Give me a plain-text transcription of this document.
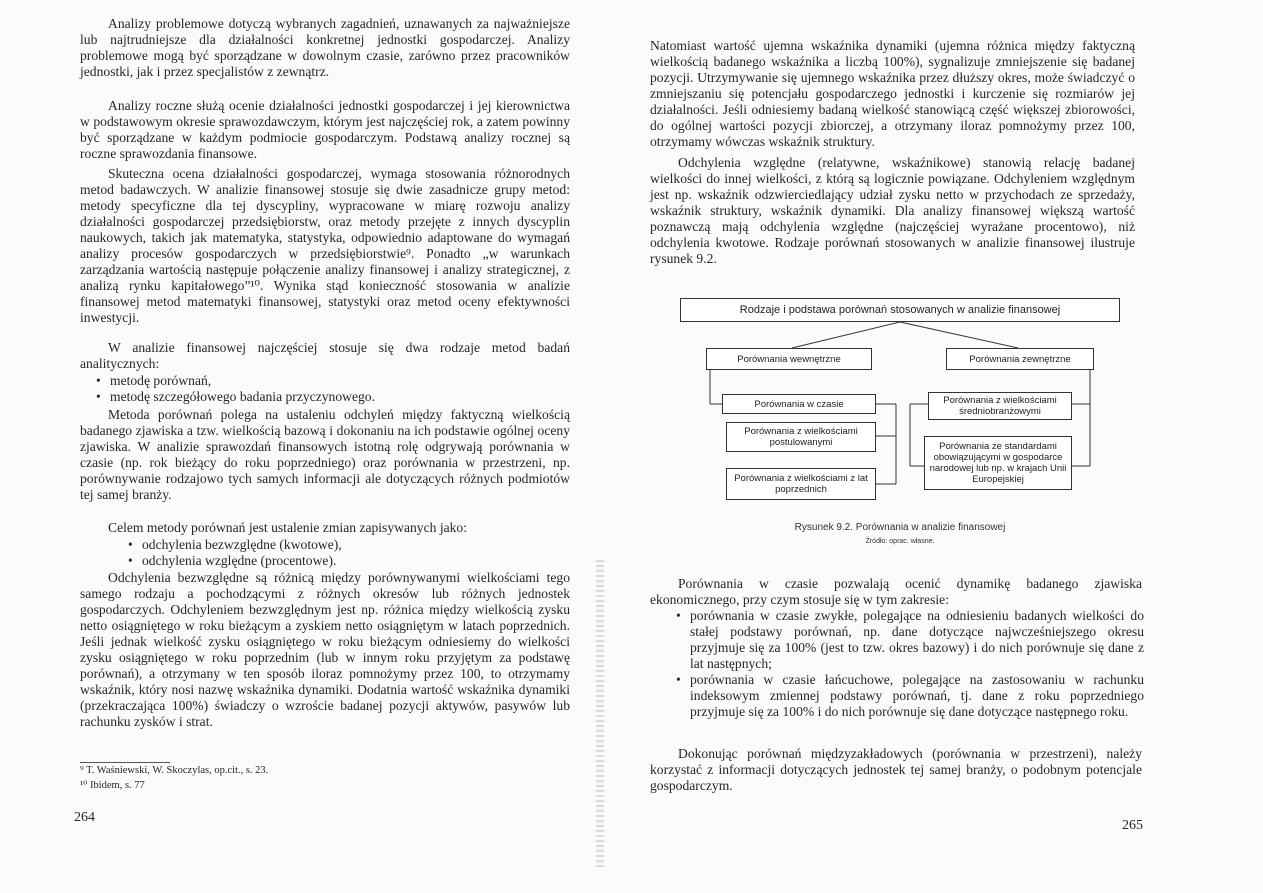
Analizy problemowe dotyczą wybranych zagadnień, uznawanych za najważniejsze lub najtrudniejsze dla działalności konkretnej jednostki gospodarczej. Analizy problemowe mogą być sporządzane w dowolnym czasie, zarówno przez pracowników jednostki, jak i przez specjalistów z zewnątrz.

Analizy roczne służą ocenie działalności jednostki gospodarczej i jej kierownictwa w podstawowym okresie sprawozdawczym, którym jest najczęściej rok, a zatem powinny być sporządzane w każdym podmiocie gospodarczym. Podstawą analizy rocznej są roczne sprawozdania finansowe.

Skuteczna ocena działalności gospodarczej, wymaga stosowania różnorodnych metod badawczych. W analizie finansowej stosuje się dwie zasadnicze grupy metod: metody specyficzne dla tej dyscypliny, wypracowane w miarę rozwoju analizy działalności gospodarczej przedsiębiorstw, oraz metody przejęte z innych dyscyplin naukowych, takich jak matematyka, statystyka, odpowiednio adaptowane do wymagań analizy procesów gospodarczych w przedsiębiorstwie⁹. Ponadto „w warunkach zarządzania wartością następuje połączenie analizy finansowej i analizy strategicznej, z analizą rynku kapitałowego”¹⁰. Wynika stąd konieczność stosowania w analizie finansowej metod matematyki finansowej, statystyki oraz metod oceny efektywności inwestycji.

W analizie finansowej najczęściej stosuje się dwa rodzaje metod badań analitycznych:

• metodę porównań,
• metodę szczegółowego badania przyczynowego.

Metoda porównań polega na ustaleniu odchyleń między faktyczną wielkością badanego zjawiska a tzw. wielkością bazową i dokonaniu na ich podstawie ogólnej oceny zjawiska. W analizie sprawozdań finansowych istotną rolę odgrywają porównania w czasie (np. rok bieżący do roku poprzedniego) oraz porównania w przestrzeni, np. porównywanie rodzajowo tych samych informacji ale dotyczących różnych podmiotów tej samej branży.

Celem metody porównań jest ustalenie zmian zapisywanych jako:

• odchylenia bezwzględne (kwotowe),
• odchylenia względne (procentowe).

Odchylenia bezwzględne są różnicą między porównywanymi wielkościami tego samego rodzaju a pochodzącymi z różnych okresów lub różnych jednostek gospodarczych. Odchyleniem bezwzględnym jest np. różnica między wielkością zysku netto osiągniętego w roku bieżącym a zyskiem netto osiągniętym w latach poprzednich. Jeśli jednak wielkość zysku osiągniętego w roku bieżącym odniesiemy do wielkości zysku osiągniętego w roku poprzednim (lub w innym roku przyjętym za podstawę porównań), a otrzymany w ten sposób iloraz pomnożymy przez 100, to otrzymamy wskaźnik, który nosi nazwę wskaźnika dynamiki. Dodatnia wartość wskaźnika dynamiki (przekraczająca 100%) świadczy o wzroście badanej pozycji aktywów, pasywów lub rachunku zysków i strat.

⁹ T. Waśniewski, W. Skoczylas, op.cit., s. 23.

¹⁰ Ibidem, s. 77

264

Natomiast wartość ujemna wskaźnika dynamiki (ujemna różnica między faktyczną wielkością badanego wskaźnika a liczbą 100%), sygnalizuje zmniejszenie się badanej pozycji. Utrzymywanie się ujemnego wskaźnika przez dłuższy okres, może świadczyć o zmniejszaniu się potencjału gospodarczego jednostki i kurczenie się rozmiarów jej działalności. Jeśli odniesiemy badaną wielkość stanowiącą część większej zbiorowości, do ogólnej wartości pozycji zbiorczej, a otrzymany iloraz pomnożymy przez 100, otrzymamy wówczas wskaźnik struktury.

Odchylenia względne (relatywne, wskaźnikowe) stanowią relację badanej wielkości do innej wielkości, z którą są logicznie powiązane. Odchyleniem względnym jest np. wskaźnik odzwierciedlający udział zysku netto w przychodach ze sprzedaży, wskaźnik struktury, wskaźnik dynamiki. Dla analizy finansowej większą wartość poznawczą mają odchylenia względne (najczęściej wyrażane procentowo), niż odchylenia kwotowe. Rodzaje porównań stosowanych w analizie finansowej ilustruje rysunek 9.2.

Rodzaje i podstawa porównań stosowanych w analizie finansowej
Porównania wewnętrzne	Porównania zewnętrzne
Porównania w czasie
Porównania z wielkościami postulowanymi
Porównania z wielkościami z lat poprzednich
Porównania z wielkościami średniobranżowymi
Porównania ze standardami obowiązującymi w gospodarce narodowej lub np. w krajach Unii Europejskiej
Rysunek 9.2. Porównania w analizie finansowej
Źródło: oprac. własne.

Porównania w czasie pozwalają ocenić dynamikę badanego zjawiska ekonomicznego, przy czym stosuje się w tym zakresie:

• porównania w czasie zwykłe, polegające na odniesieniu badanych wielkości do stałej podstawy porównań, np. dane dotyczące najwcześniejszego okresu przyjmuje się za 100% (jest to tzw. okres bazowy) i do nich porównuje się dane z lat następnych;
• porównania w czasie łańcuchowe, polegające na zastosowaniu w rachunku indeksowym zmiennej podstawy porównań, tj. dane z roku poprzedniego przyjmuje się za 100% i do nich porównuje się dane dotyczące następnego roku.

Dokonując porównań międzyzakładowych (porównania w przestrzeni), należy korzystać z informacji dotyczących jednostek tej samej branży, o podobnym potencjale gospodarczym.

265
